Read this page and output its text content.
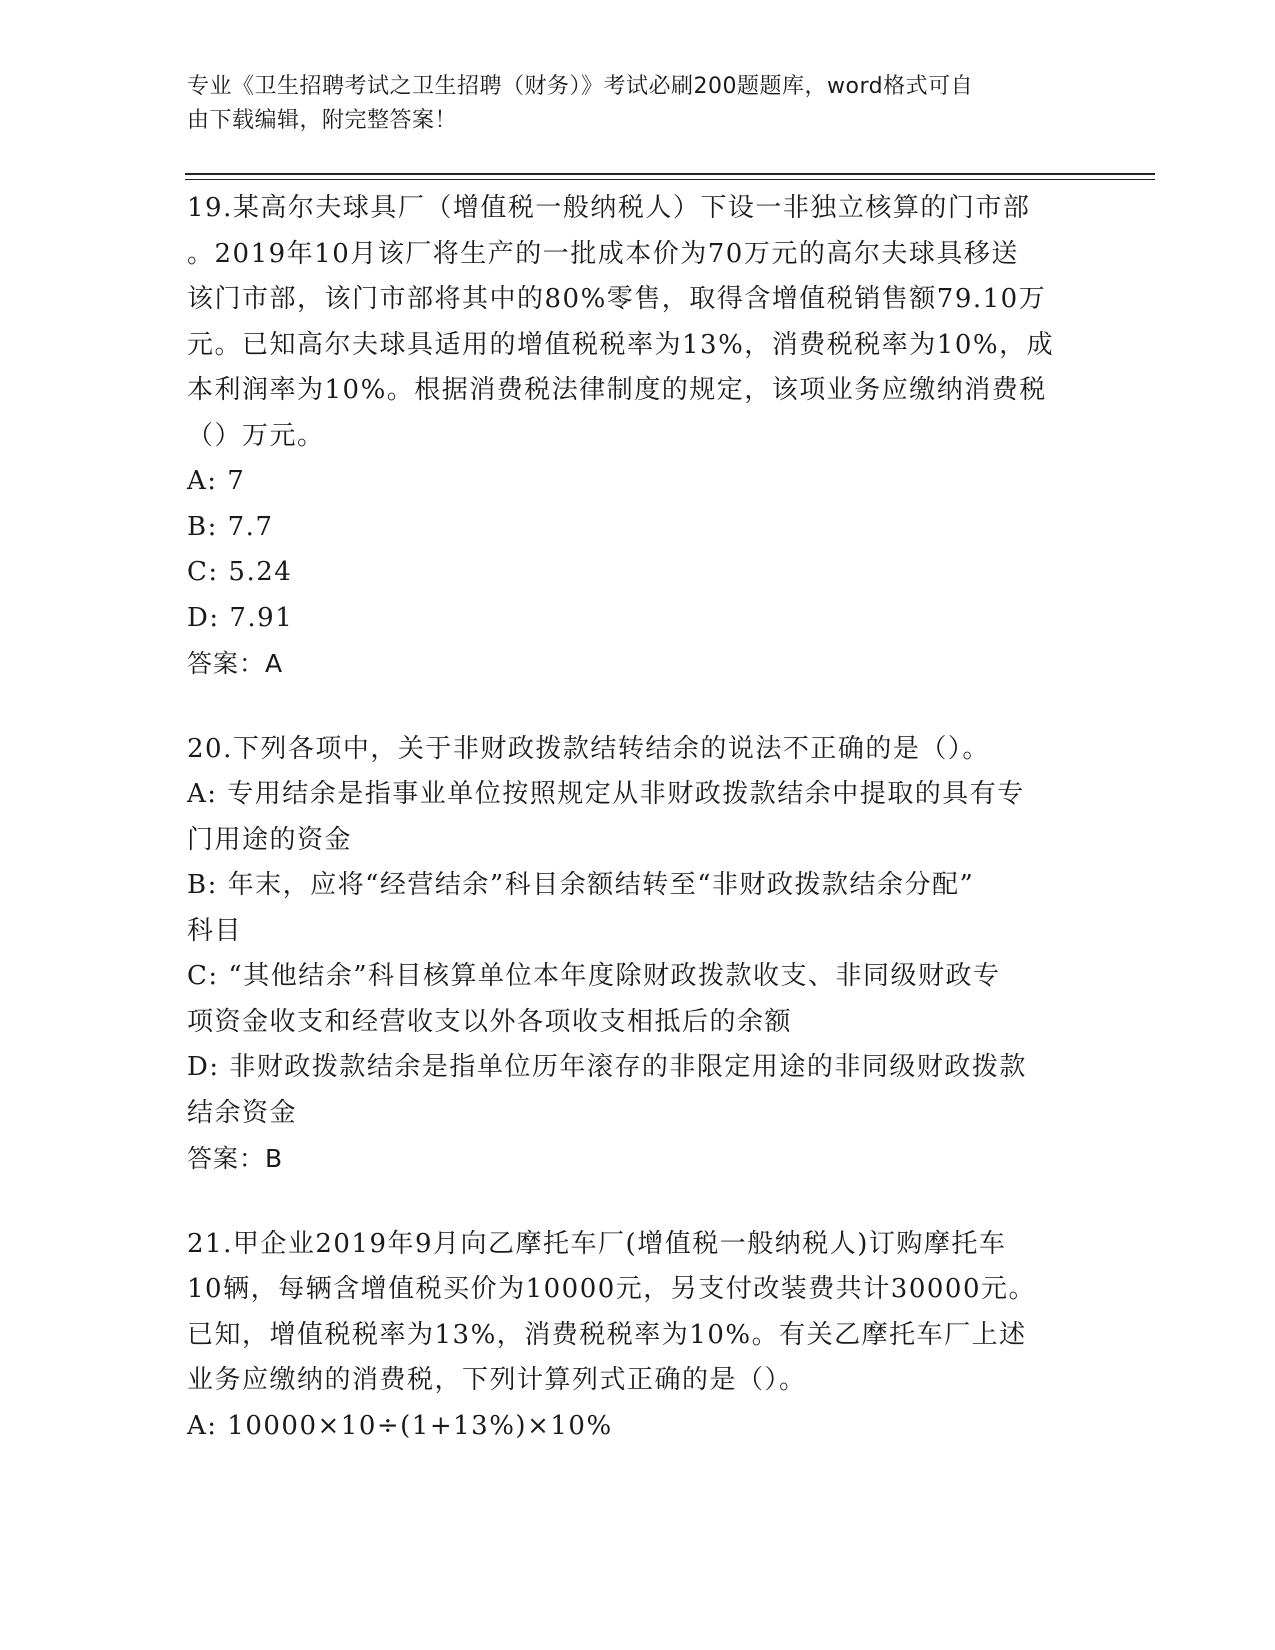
专业《卫生招聘考试之卫生招聘（财务）》考试必刷200题题库，word格式可自
由下载编辑，附完整答案！
19.某高尔夫球具厂（增值税一般纳税人）下设一非独立核算的门市部
。2019年10月该厂将生产的一批成本价为70万元的高尔夫球具移送
该门市部，该门市部将其中的80%零售，取得含增值税销售额79.10万
元。已知高尔夫球具适用的增值税税率为13%，消费税税率为10%，成
本利润率为10%。根据消费税法律制度的规定，该项业务应缴纳消费税
（）万元。
A: 7
B: 7.7
C: 5.24
D: 7.91
答案：A
20.下列各项中，关于非财政拨款结转结余的说法不正确的是（）。
A: 专用结余是指事业单位按照规定从非财政拨款结余中提取的具有专
门用途的资金
B: 年末，应将“经营结余”科目余额结转至“非财政拨款结余分配”
科目
C: “其他结余”科目核算单位本年度除财政拨款收支、非同级财政专
项资金收支和经营收支以外各项收支相抵后的余额
D: 非财政拨款结余是指单位历年滚存的非限定用途的非同级财政拨款
结余资金
答案：B
21.甲企业2019年9月向乙摩托车厂(增值税一般纳税人)订购摩托车
10辆，每辆含增值税买价为10000元，另支付改装费共计30000元。
已知，增值税税率为13%，消费税税率为10%。有关乙摩托车厂上述
业务应缴纳的消费税，下列计算列式正确的是（）。
A: 10000×10÷(1+13%)×10%
